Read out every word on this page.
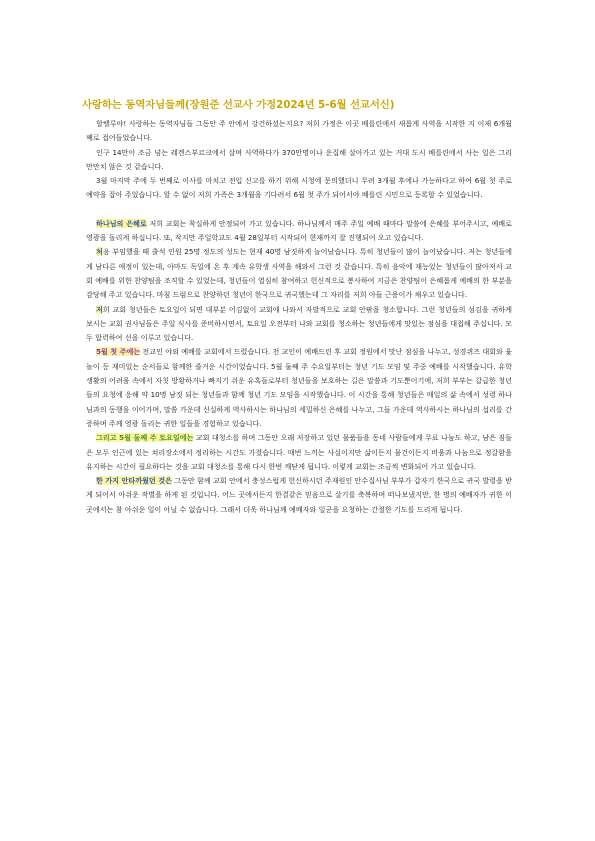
사랑하는 동역자님들께(장원준 선교사 가정2024년 5-6월 선교서신)

할렐루야! 사랑하는 동역자님들 그동안 주 안에서 강건하셨는지요? 저희 가정은 이곳 베를린에서 새롭게 사역을 시작한 지 이제 6개월째로 접어들었습니다.

인구 14만이 조금 넘는 레겐스부르크에서 살며 사역하다가 370만명이나 운집해 살아가고 있는 거대 도시 베를린에서 사는 일은 그리 만만치 않은 것 같습니다.

3월 마지막 주에 두 번째로 이사를 마치고 전입 신고를 하기 위해 시청에 문의했더니 무려 3개월 후에나 가능하다고 하여 6월 첫 주로 예약을 잡아 주었습니다. 할 수 없이 저희 가족은 3개월을 기다려서 6월 첫 주가 되어서야 베를린 시민으로 등록할 수 있었습니다.

하나님의 은혜로 저희 교회는 착실하게 안정되어 가고 있습니다. 하나님께서 매주 주일 예배 때마다 말씀에 은혜를 부어주시고, 예배로 영광을 돌리게 하십니다. 또, 작지만 주일학교도 4월 28일부터 시작되어 현재까지 잘 진행되어 오고 있습니다.

처음 부임했을 때 출석 인원 25명 정도의 성도는 현재 40명 남짓하게 늘어났습니다. 특히 청년들이 많이 늘어났습니다. 저는 청년들에게 남다른 애정이 있는데, 아마도 독일에 온 후 계속 유학생 사역을 해와서 그런 것 같습니다. 특히 음악에 재능있는 청년들이 많아져서 교회 예배를 위한 찬양팀을 조직할 수 있었는데, 청년들이 열심히 참여하고 헌신적으로 봉사하여 지금은 찬양팀이 은혜롭게 예배의 한 부분을 감당해 주고 있습니다. 마침 드럼으로 찬양하던 청년이 한국으로 귀국했는데 그 자리를 저희 아들 근용이가 채우고 있습니다.

저희 교회 청년들은 토요일이 되면 대부분 어김없이 교회에 나와서 자발적으로 교회 안팎을 청소합니다. 그런 청년들의 섬김을 귀하게 보시는 교회 권사님들은 주일 식사를 준비하시면서, 토요일 오전부터 나와 교회를 청소하는 청년들에게 맛있는 점심을 대접해 주십니다. 모두 합력하여 선을 이루고 있습니다.

5월 첫 주에는 전교인 야외 예배를 교회에서 드렸습니다. 전 교인이 예배드린 후 교회 정원에서 맛난 점심을 나누고, 성경퀴즈 대회와 윷놀이 등 재미있는 순서들로 함께한 즐거운 시간이었습니다. 5월 둘째 주 수요일부터는 청년 기도 모임 및 주중 예배를 시작했습니다. 유학생활의 어려움 속에서 자칫 방황하거나 빠지기 쉬운 유혹들로부터 청년들을 보호하는 길은 말씀과 기도뿐이기에, 저희 부부는 갈급한 청년들의 요청에 응해 약 10명 남짓 되는 청년들과 함께 청년 기도 모임을 시작했습니다. 이 시간을 통해 청년들은 매일의 삶 속에서 성령 하나님과의 동행을 이어가며, 말씀 가운데 신실하게 역사하시는 하나님의 세밀하신 은혜를 나누고, 그들 가운데 역사하시는 하나님의 섭리를 간증하며 주께 영광 돌리는 귀한 일들을 경험하고 있습니다.

그리고 5월 둘째 주 토요일에는 교회 대청소를 하며 그동안 오래 저장하고 있던 물품들을 동네 사람들에게 무료 나눔도 하고, 남은 짐들은 모두 인근에 있는 쳐리장소에서 정리하는 시간도 가졌습니다. 매번 느끼는 사실이지만 삶이든지 물건이든지 비움과 나눔으로 정갈함을 유지하는 시간이 필요하다는 것을 교회 대청소를 통해 다시 한번 깨닫게 됩니다. 이렇게 교회는 조금씩 변화되어 가고 있습니다.

한 가지 안타까웠던 것은 그동안 함께 교회 안에서 충성스럽게 헌신하시던 주재원인 안수집사님 부부가 갑자기 한국으로 귀국 발령을 받게 되어서 아쉬운 작별을 하게 된 것입니다. 어느 곳에서든지 한결같은 믿음으로 살기를 축복하며 떠나보냈지만, 한 명의 예배자가 귀한 이곳에서는 참 아쉬운 일이 아닐 수 없습니다. 그래서 더욱 하나님께 예배자와 일군을 요청하는 간절한 기도를 드리게 됩니다.
